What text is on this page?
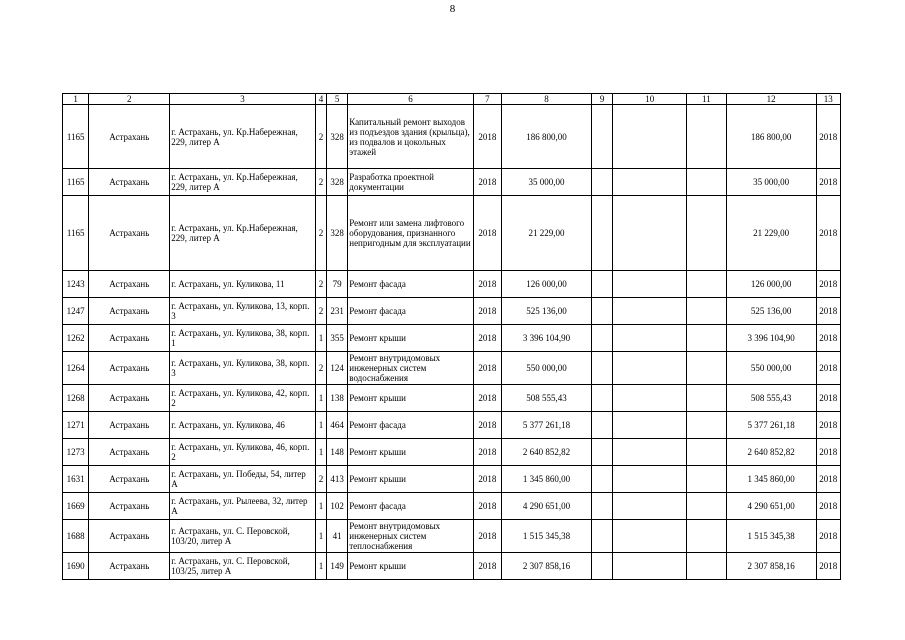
8
1	2	3	4	5	6	7	8	9	10	11	12	13
1165	Астрахань	г. Астрахань, ул. Кр.Набережная, 229, литер А	2	328	Капитальный ремонт выходов из подъездов здания (крыльца), из подвалов и цокольных этажей	2018	186 800,00				186 800,00	2018
1165	Астрахань	г. Астрахань, ул. Кр.Набережная, 229, литер А	2	328	Разработка проектной документации	2018	35 000,00				35 000,00	2018
1165	Астрахань	г. Астрахань, ул. Кр.Набережная, 229, литер А	2	328	Ремонт или замена лифтового оборудования, признанного непригодным для эксплуатации	2018	21 229,00				21 229,00	2018
1243	Астрахань	г. Астрахань, ул. Куликова, 11	2	79	Ремонт фасада	2018	126 000,00				126 000,00	2018
1247	Астрахань	г. Астрахань, ул. Куликова, 13, корп. 3	2	231	Ремонт фасада	2018	525 136,00				525 136,00	2018
1262	Астрахань	г. Астрахань, ул. Куликова, 38, корп. 1	1	355	Ремонт крыши	2018	3 396 104,90				3 396 104,90	2018
1264	Астрахань	г. Астрахань, ул. Куликова, 38, корп. 3	2	124	Ремонт внутридомовых инженерных систем водоснабжения	2018	550 000,00				550 000,00	2018
1268	Астрахань	г. Астрахань, ул. Куликова, 42, корп. 2	1	138	Ремонт крыши	2018	508 555,43				508 555,43	2018
1271	Астрахань	г. Астрахань, ул. Куликова, 46	1	464	Ремонт фасада	2018	5 377 261,18				5 377 261,18	2018
1273	Астрахань	г. Астрахань, ул. Куликова, 46, корп. 2	1	148	Ремонт крыши	2018	2 640 852,82				2 640 852,82	2018
1631	Астрахань	г. Астрахань, ул. Победы, 54, литер А	2	413	Ремонт крыши	2018	1 345 860,00				1 345 860,00	2018
1669	Астрахань	г. Астрахань, ул. Рылеева, 32, литер А	1	102	Ремонт фасада	2018	4 290 651,00				4 290 651,00	2018
1688	Астрахань	г. Астрахань, ул. С. Перовской, 103/20, литер А	1	41	Ремонт внутридомовых инженерных систем теплоснабжения	2018	1 515 345,38				1 515 345,38	2018
1690	Астрахань	г. Астрахань, ул. С. Перовской, 103/25, литер А	1	149	Ремонт крыши	2018	2 307 858,16				2 307 858,16	2018
